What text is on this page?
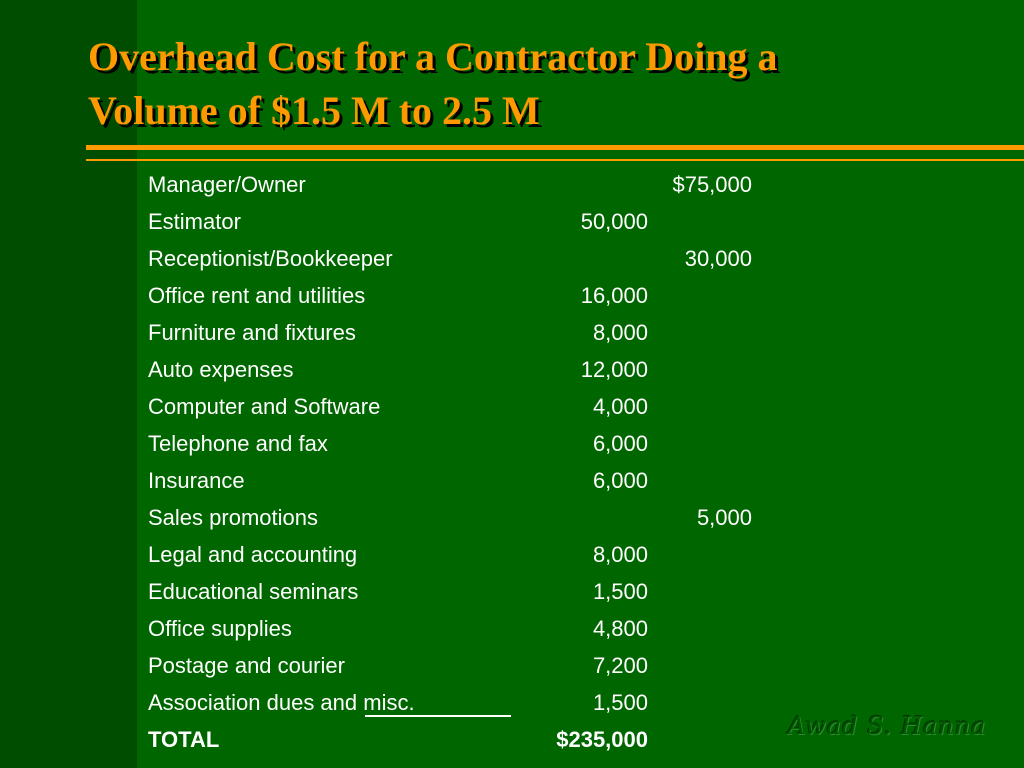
Overhead Cost for a Contractor Doing a
Volume of $1.5 M to 2.5 M
Manager/Owner	$75,000
Estimator	50,000
Receptionist/Bookkeeper	30,000
Office rent and utilities	16,000
Furniture and fixtures	8,000
Auto expenses	12,000
Computer and Software	4,000
Telephone and fax	6,000
Insurance	6,000
Sales promotions	5,000
Legal and accounting	8,000
Educational seminars	1,500
Office supplies	4,800
Postage and courier	7,200
Association dues and misc.	1,500
TOTAL	$235,000	Awad S. Hanna
